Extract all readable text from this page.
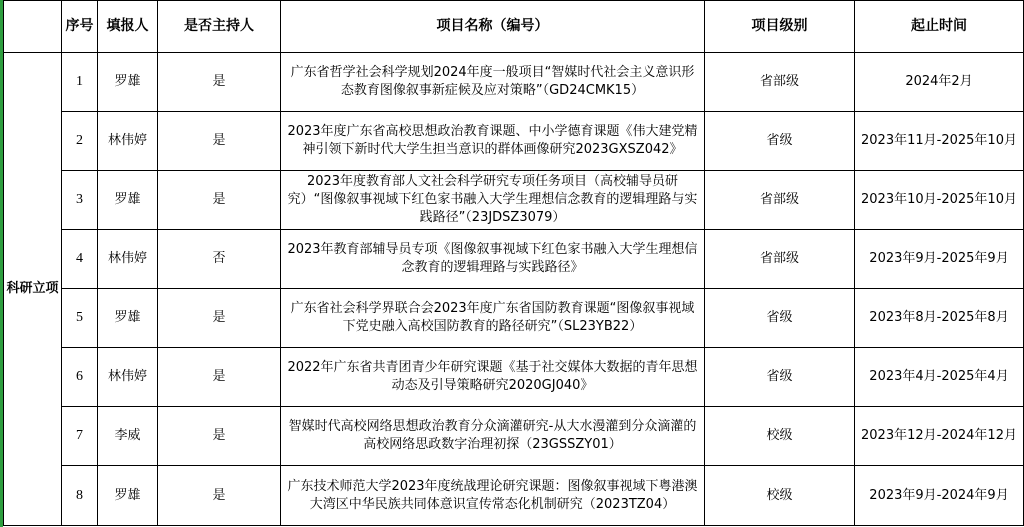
	序号	填报人	是否主持人	项目名称（编号）	项目级别	起止时间
科研立项	1	罗雄	是	广东省哲学社会科学规划2024年度一般项目“智媒时代社会主义意识形态教育图像叙事新症候及应对策略”（GD24CMK15）	省部级	2024年2月
	2	林伟婷	是	2023年度广东省高校思想政治教育课题、中小学德育课题《伟大建党精神引领下新时代大学生担当意识的群体画像研究2023GXSZ042》	省级	2023年11月-2025年10月
	3	罗雄	是	2023年度教育部人文社会科学研究专项任务项目（高校辅导员研究）“图像叙事视域下红色家书融入大学生理想信念教育的逻辑理路与实践路径”（23JDSZ3079）	省部级	2023年10月-2025年10月
	4	林伟婷	否	2023年教育部辅导员专项《图像叙事视域下红色家书融入大学生理想信念教育的逻辑理路与实践路径》	省部级	2023年9月-2025年9月
	5	罗雄	是	广东省社会科学界联合会2023年度广东省国防教育课题“图像叙事视域下党史融入高校国防教育的路径研究”（SL23YB22）	省级	2023年8月-2025年8月
	6	林伟婷	是	2022年广东省共青团青少年研究课题《基于社交媒体大数据的青年思想动态及引导策略研究2020GJ040》	省级	2023年4月-2025年4月
	7	李威	是	智媒时代高校网络思想政治教育分众滴灌研究-从大水漫灌到分众滴灌的高校网络思政数字治理初探（23GSSZY01）	校级	2023年12月-2024年12月
	8	罗雄	是	广东技术师范大学2023年度统战理论研究课题：图像叙事视域下粤港澳大湾区中华民族共同体意识宣传常态化机制研究（2023TZ04）	校级	2023年9月-2024年9月
